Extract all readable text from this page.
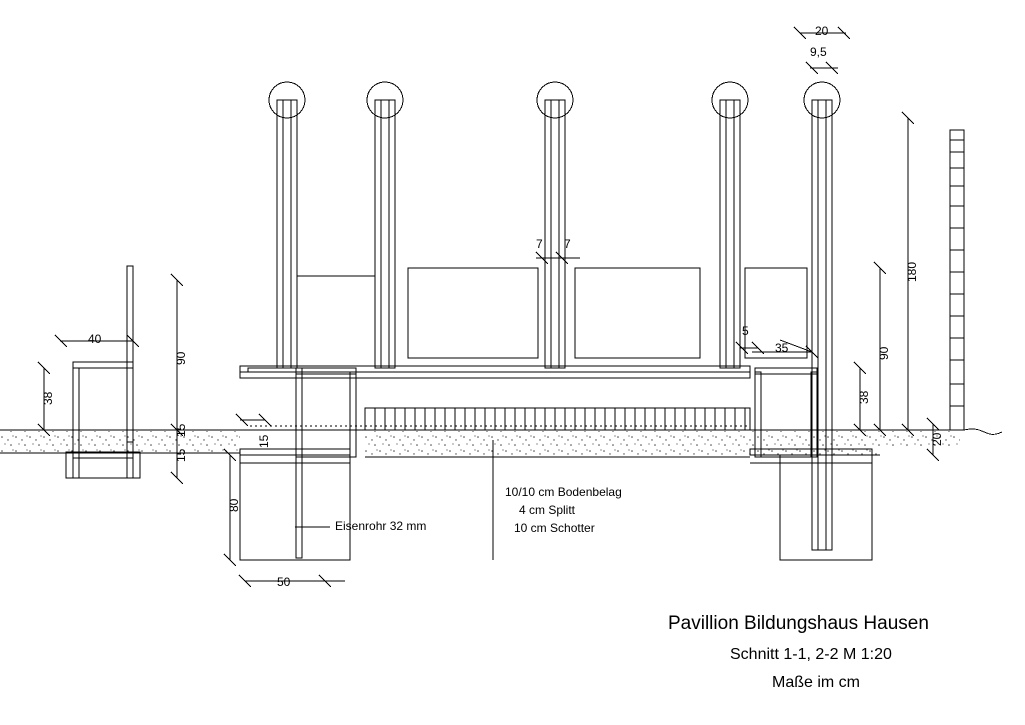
40
38
90
15
15
15
80
50
7 7
20
9,5
5
35
180
90
38
20
Eisenrohr 32 mm
10/10 cm Bodenbelag
4 cm Splitt
10 cm Schotter
Pavillion Bildungshaus Hausen
Schnitt 1-1, 2-2 M 1:20
Maße im cm
